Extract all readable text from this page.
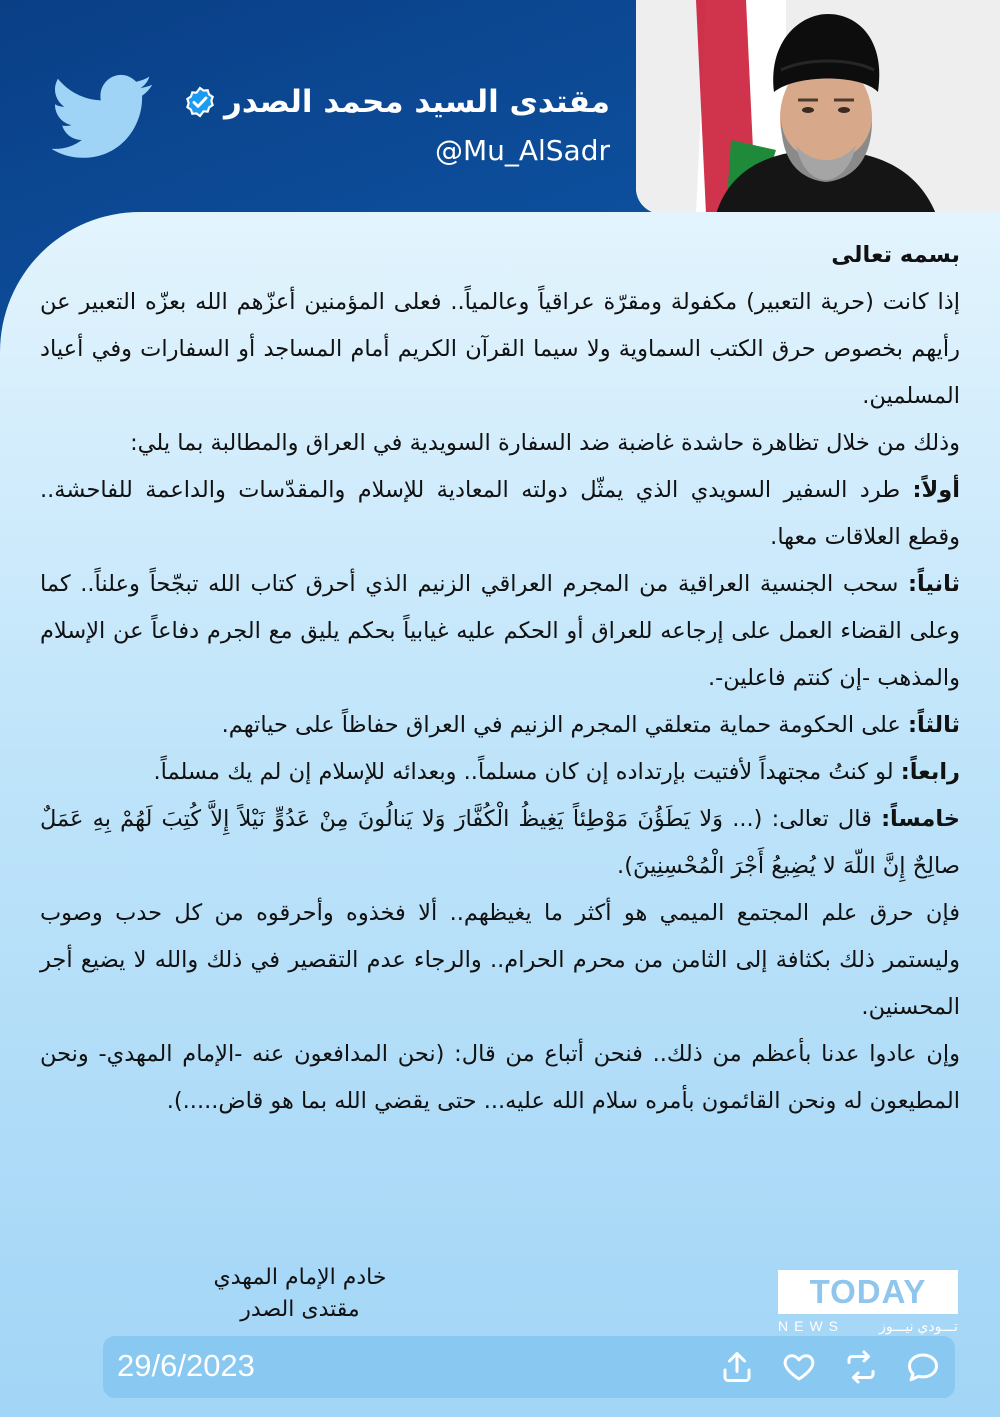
مقتدى السيد محمد الصدر
@Mu_AlSadr

بسمه تعالى

إذا كانت (حرية التعبير) مكفولة ومقرّة عراقياً وعالمياً.. فعلى المؤمنين أعزّهم الله بعزّه التعبير عن رأيهم بخصوص حرق الكتب السماوية ولا سيما القرآن الكريم أمام المساجد أو السفارات وفي أعياد المسلمين.

وذلك من خلال تظاهرة حاشدة غاضبة ضد السفارة السويدية في العراق والمطالبة بما يلي:

أولاً: طرد السفير السويدي الذي يمثّل دولته المعادية للإسلام والمقدّسات والداعمة للفاحشة.. وقطع العلاقات معها.

ثانياً: سحب الجنسية العراقية من المجرم العراقي الزنيم الذي أحرق كتاب الله تبجّحاً وعلناً.. كما وعلى القضاء العمل على إرجاعه للعراق أو الحكم عليه غيابياً بحكم يليق مع الجرم دفاعاً عن الإسلام والمذهب -إن كنتم فاعلين-.

ثالثاً: على الحكومة حماية متعلقي المجرم الزنيم في العراق حفاظاً على حياتهم.

رابعاً: لو كنتُ مجتهداً لأفتيت بإرتداده إن كان مسلماً.. وبعدائه للإسلام إن لم يك مسلماً.

خامساً: قال تعالى: (... وَلا يَطَؤُنَ مَوْطِئاً يَغِيظُ الْكُفَّارَ وَلا يَنالُونَ مِنْ عَدُوٍّ نَيْلاً إِلاَّ كُتِبَ لَهُمْ بِهِ عَمَلٌ صالِحٌ إِنَّ اللّهَ لا يُضِيعُ أَجْرَ الْمُحْسِنِينَ).

فإن حرق علم المجتمع الميمي هو أكثر ما يغيظهم.. ألا فخذوه وأحرقوه من كل حدب وصوب وليستمر ذلك بكثافة إلى الثامن من محرم الحرام.. والرجاء عدم التقصير في ذلك والله لا يضيع أجر المحسنين.

وإن عادوا عدنا بأعظم من ذلك.. فنحن أتباع من قال: (نحن المدافعون عنه -الإمام المهدي- ونحن المطيعون له ونحن القائمون بأمره سلام الله عليه... حتى يقضي الله بما هو قاض.....).

خادم الإمام المهدي
مقتدى الصدر	TODAY
NEWS	تـــودي نيـــوز
29/6/2023
